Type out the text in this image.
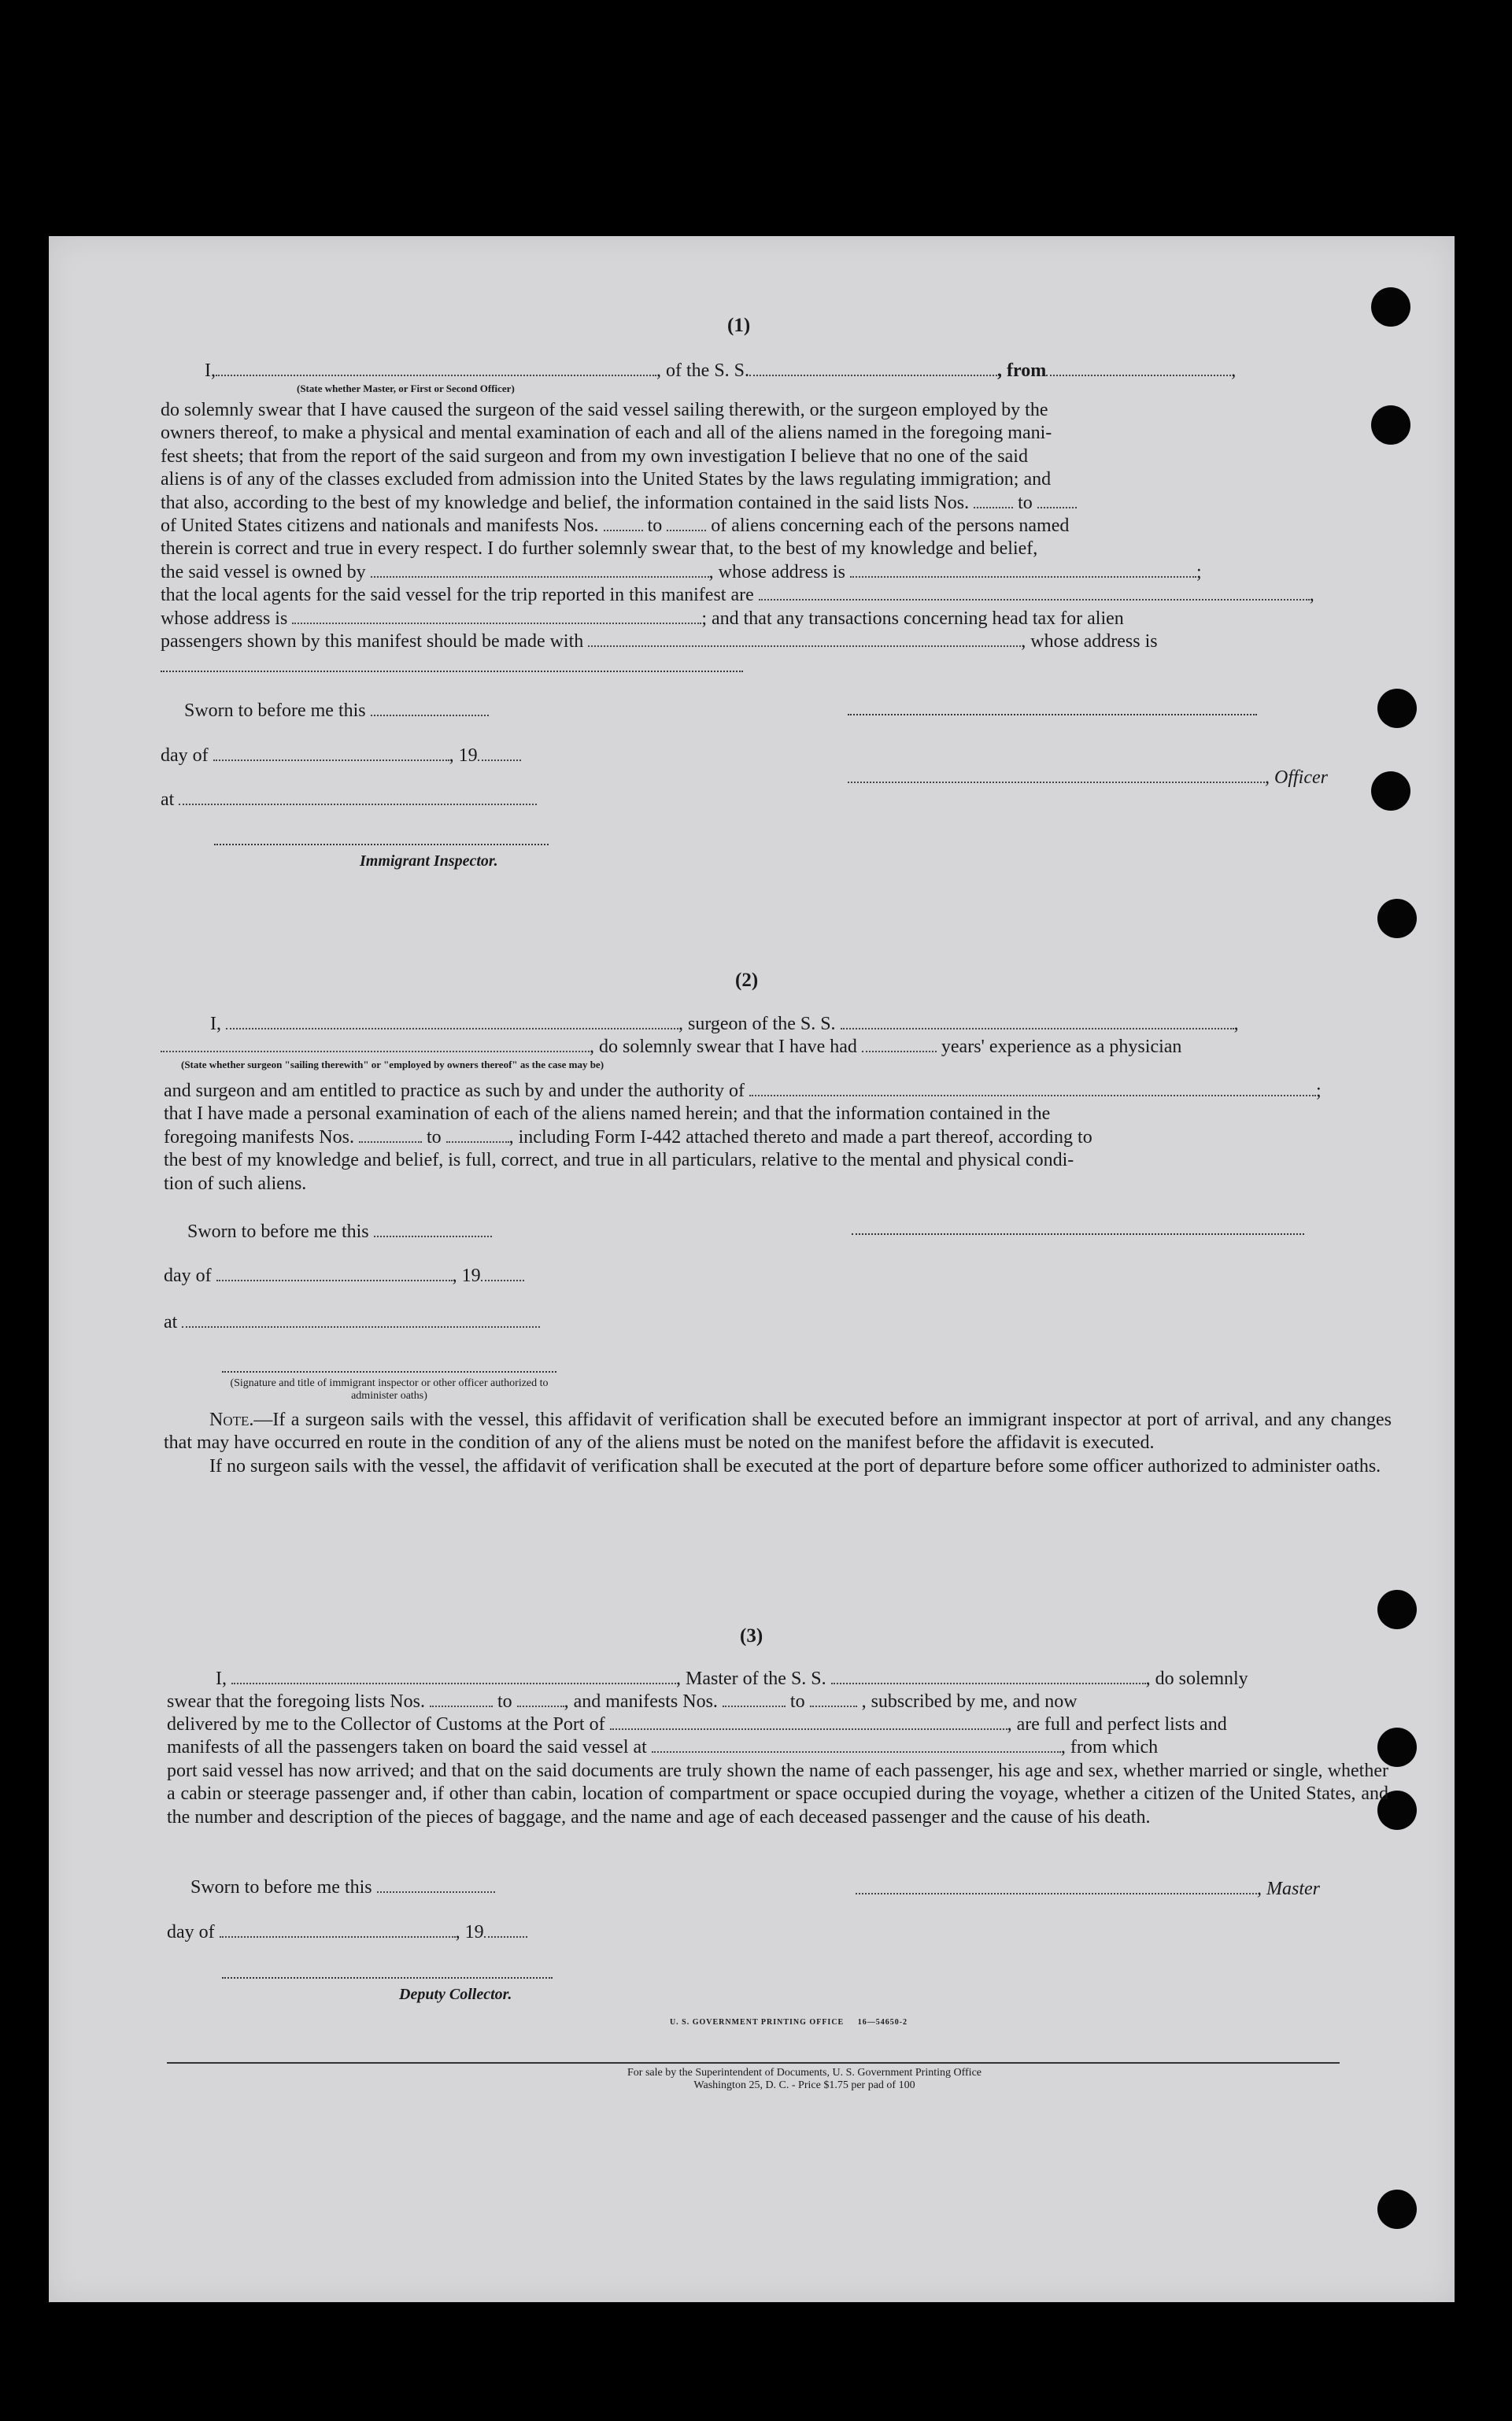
(1)
I,	, of the S. S.	, from	,
(State whether Master, or First or Second Officer)

do solemnly swear that I have caused the surgeon of the said vessel sailing therewith, or the surgeon employed by the

owners thereof, to make a physical and mental examination of each and all of the aliens named in the foregoing mani-

fest sheets; that from the report of the said surgeon and from my own investigation I believe that no one of the said

aliens is of any of the classes excluded from admission into the United States by the laws regulating immigration; and

that also, according to the best of my knowledge and belief, the information contained in the said lists Nos.	to

of United States citizens and nationals and manifests Nos.	to	of aliens concerning each of the persons named

therein is correct and true in every respect. I do further solemnly swear that, to the best of my knowledge and belief,

the said vessel is owned by	, whose address is	;

that the local agents for the said vessel for the trip reported in this manifest are	,

whose address is	; and that any transactions concerning head tax for alien

passengers shown by this manifest should be made with	, whose address is

Sworn to before me this
day of	, 19
, Officer
at
Immigrant Inspector.
(2)
I,	, surgeon of the S. S.	,
, do solemnly swear that I have had	years' experience as a physician
(State whether surgeon "sailing therewith" or "employed by owners thereof" as the case may be)

and surgeon and am entitled to practice as such by and under the authority of	;

that I have made a personal examination of each of the aliens named herein; and that the information contained in the

foregoing manifests Nos.	to	, including Form I-442 attached thereto and made a part thereof, according to

the best of my knowledge and belief, is full, correct, and true in all particulars, relative to the mental and physical condi-

tion of such aliens.

Sworn to before me this
day of	, 19
at
(Signature and title of immigrant inspector or other officer authorized to administer oaths)

Note.—If a surgeon sails with the vessel, this affidavit of verification shall be executed before an immigrant inspector at port of arrival, and any changes that may have occurred en route in the condition of any of the aliens must be noted on the manifest before the affidavit is executed.

If no surgeon sails with the vessel, the affidavit of verification shall be executed at the port of departure before some officer authorized to administer oaths.

(3)
I,	, Master of the S. S.	, do solemnly
swear that the foregoing lists Nos.	to	, and manifests Nos.	to	, subscribed by me, and now
delivered by me to the Collector of Customs at the Port of	, are full and perfect lists and
manifests of all the passengers taken on board the said vessel at	, from which

port said vessel has now arrived; and that on the said documents are truly shown the name of each passenger, his age and sex, whether married or single, whether a cabin or steerage passenger and, if other than cabin, location of compartment or space occupied during the voyage, whether a citizen of the United States, and the number and description of the pieces of baggage, and the name and age of each deceased passenger and the cause of his death.

Sworn to before me this	, Master
day of	, 19
Deputy Collector.
U. S. GOVERNMENT PRINTING OFFICE 16—54650-2
For sale by the Superintendent of Documents, U. S. Government Printing Office
Washington 25, D. C. - Price $1.75 per pad of 100
